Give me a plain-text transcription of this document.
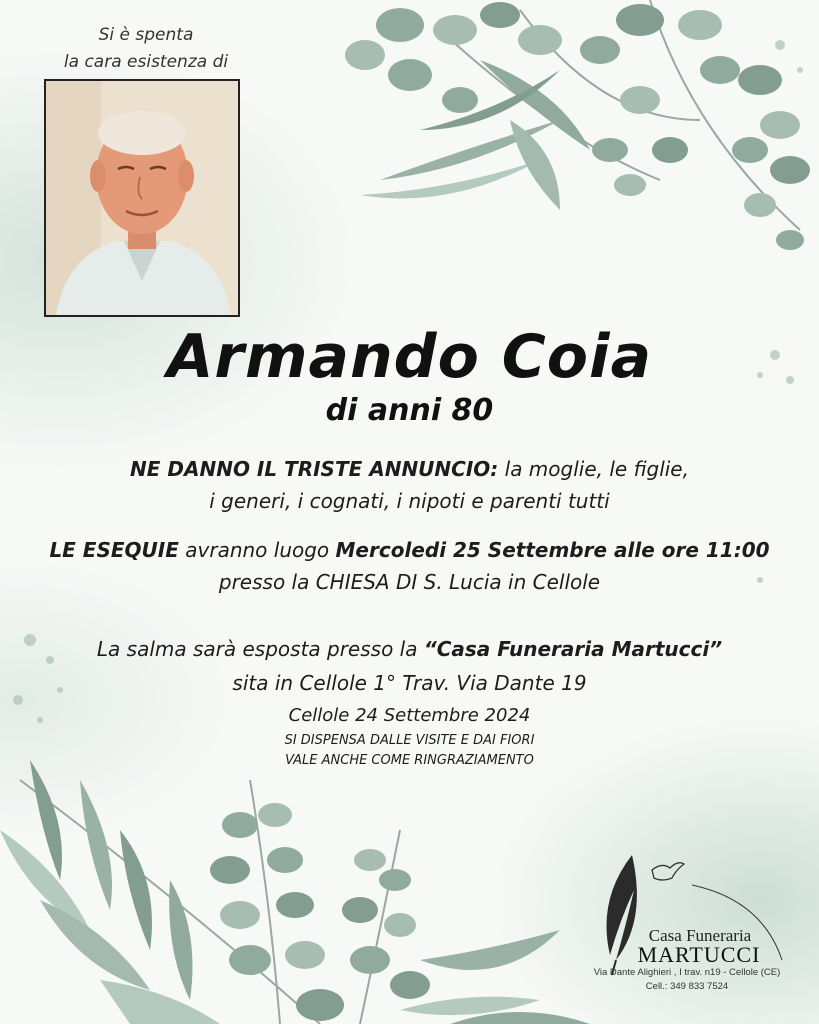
Si è spenta
la cara esistenza di
Armando Coia
di anni 80
NE DANNO IL TRISTE ANNUNCIO: la moglie, le figlie,
i generi, i cognati, i nipoti e parenti tutti
LE ESEQUIE avranno luogo Mercoledi 25 Settembre alle ore 11:00
presso la CHIESA DI S. Lucia in Cellole
La salma sarà esposta presso la “Casa Funeraria Martucci”
sita in Cellole 1° Trav. Via Dante 19
Cellole 24 Settembre 2024
SI DISPENSA DALLE VISITE E DAI FIORI
VALE ANCHE COME RINGRAZIAMENTO
Casa Funeraria
MARTUCCI
Via Dante Alighieri , I trav. n19 - Cellole (CE)
Cell.: 349 833 7524
